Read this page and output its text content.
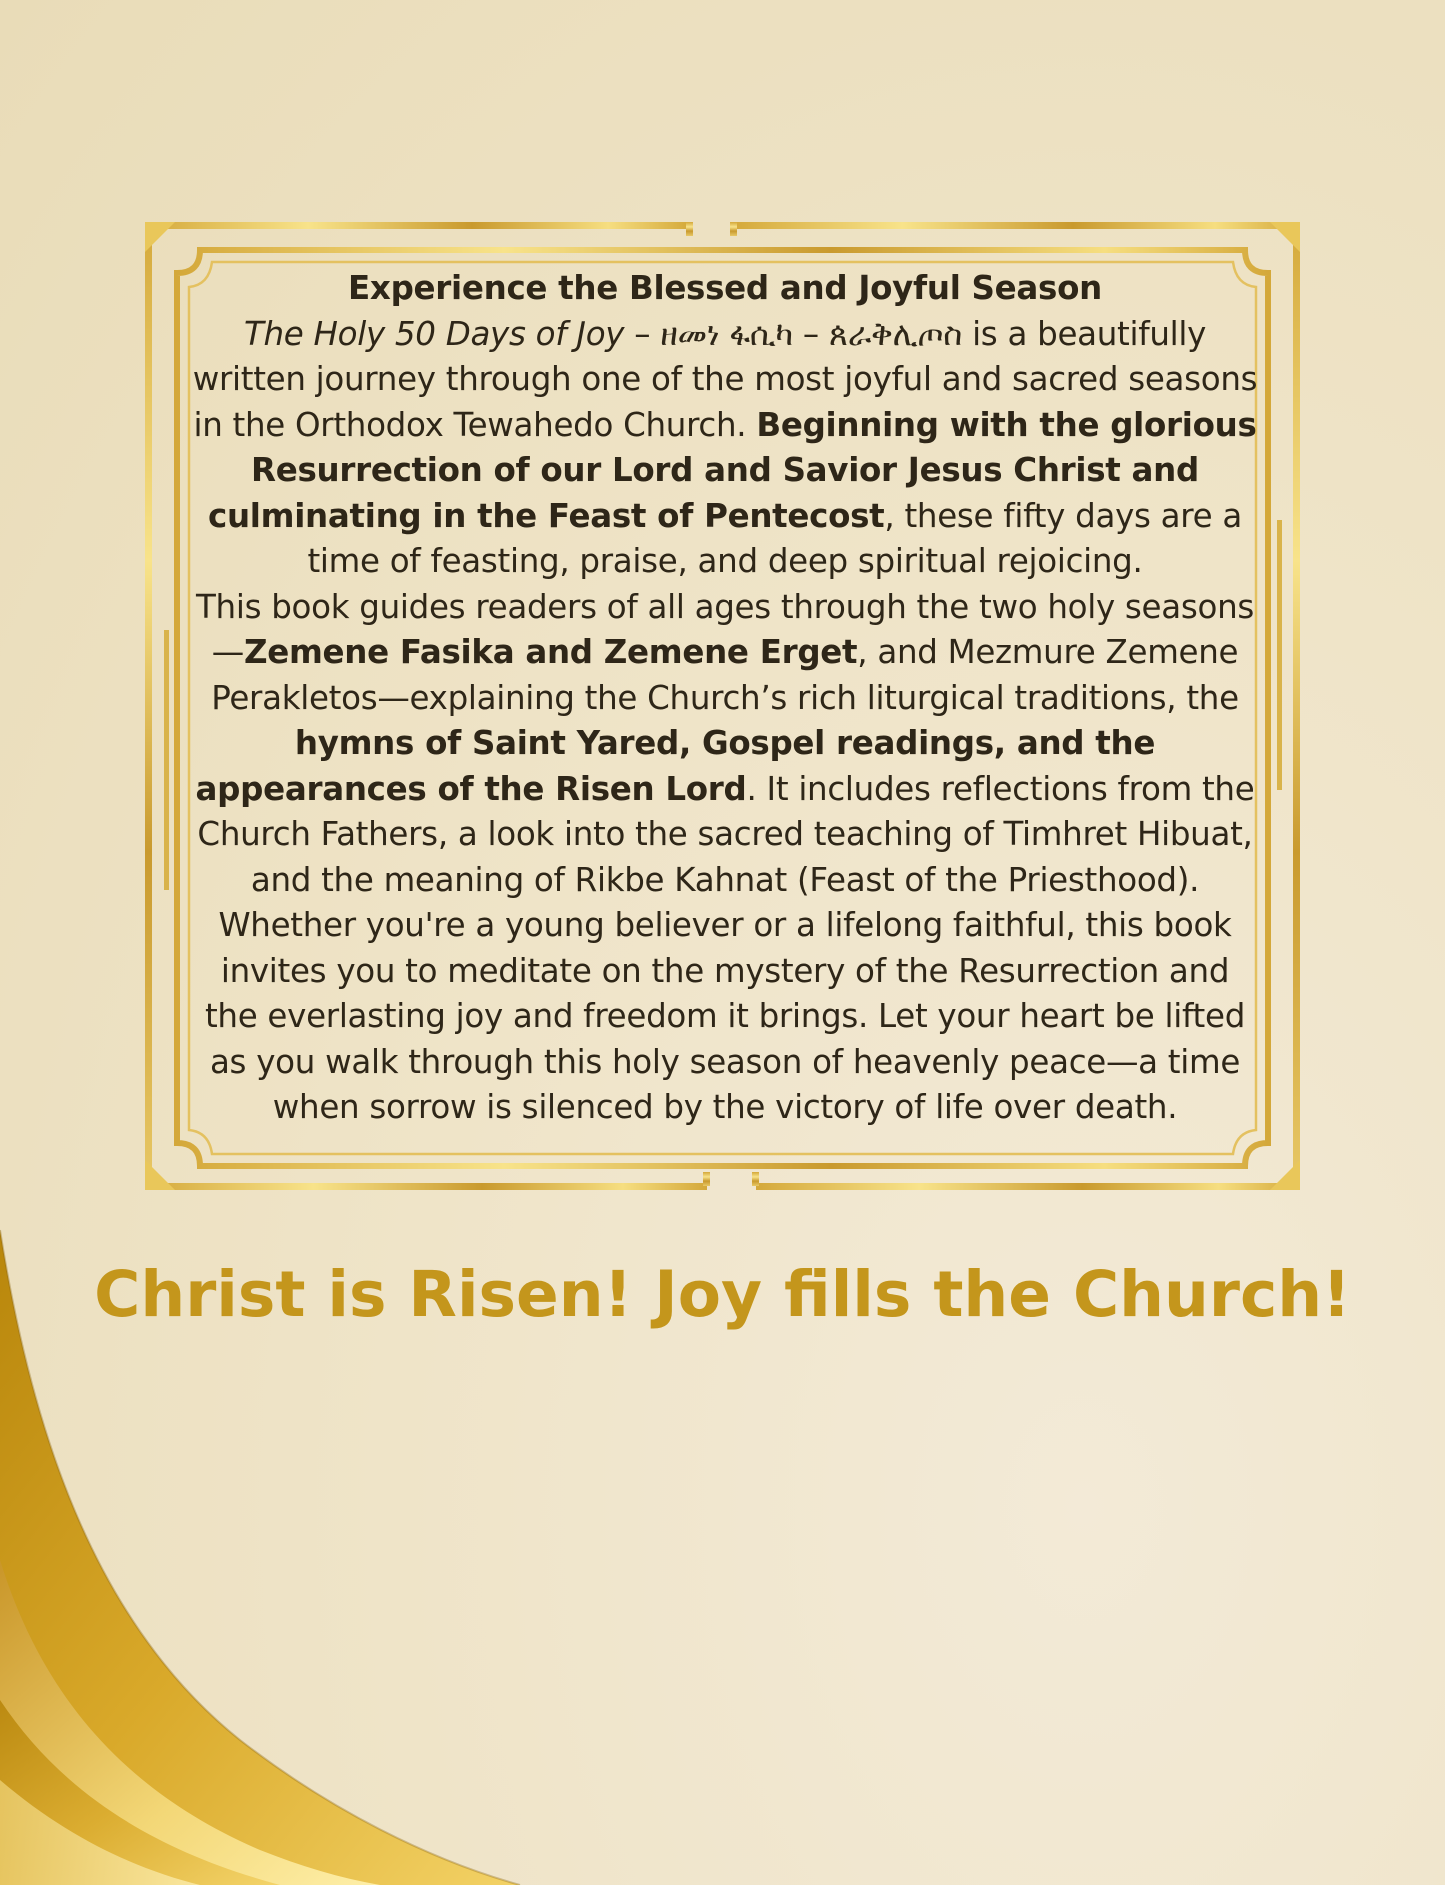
Experience the Blessed and Joyful Season

The Holy 50 Days of Joy – ዘመነ ፋሲካ – ጰራቅሊጦስ is a beautifully written journey through one of the most joyful and sacred seasons in the Orthodox Tewahedo Church. Beginning with the glorious Resurrection of our Lord and Savior Jesus Christ and culminating in the Feast of Pentecost, these fifty days are a time of feasting, praise, and deep spiritual rejoicing.

This book guides readers of all ages through the two holy seasons—Zemene Fasika and Zemene Erget, and Mezmure Zemene Perakletos—explaining the Church’s rich liturgical traditions, the hymns of Saint Yared, Gospel readings, and the appearances of the Risen Lord. It includes reflections from the Church Fathers, a look into the sacred teaching of Timhret Hibuat, and the meaning of Rikbe Kahnat (Feast of the Priesthood).

Whether you're a young believer or a lifelong faithful, this book invites you to meditate on the mystery of the Resurrection and the everlasting joy and freedom it brings. Let your heart be lifted as you walk through this holy season of heavenly peace—a time when sorrow is silenced by the victory of life over death.

Christ is Risen! Joy fills the Church!
